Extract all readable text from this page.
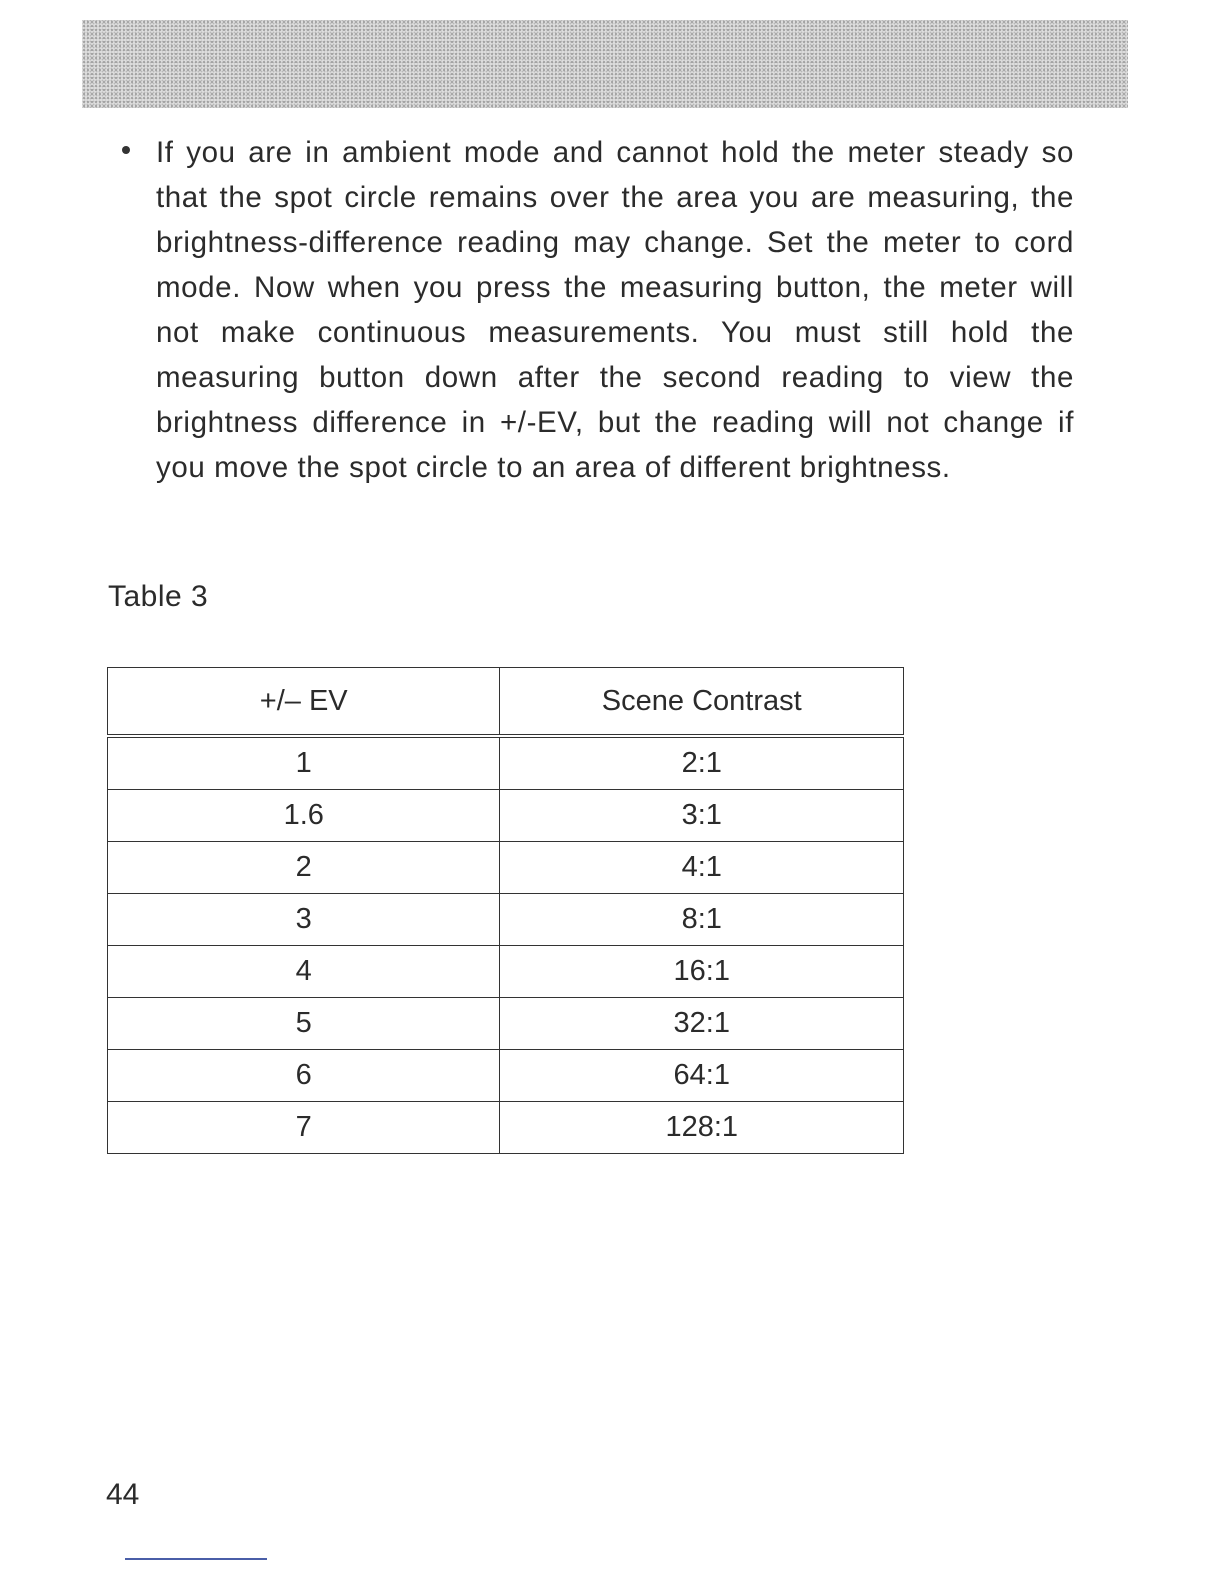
If you are in ambient mode and cannot hold the meter steady so that the spot circle remains over the area you are measuring, the brightness-difference reading may change. Set the meter to cord mode. Now when you press the measuring button, the meter will not make continuous measurements. You must still hold the measuring button down after the second reading to view the brightness difference in +/-EV, but the reading will not change if you move the spot circle to an area of different brightness.
Table 3
+/– EV	Scene Contrast
1	2:1
1.6	3:1
2	4:1
3	8:1
4	16:1
5	32:1
6	64:1
7	128:1
44
